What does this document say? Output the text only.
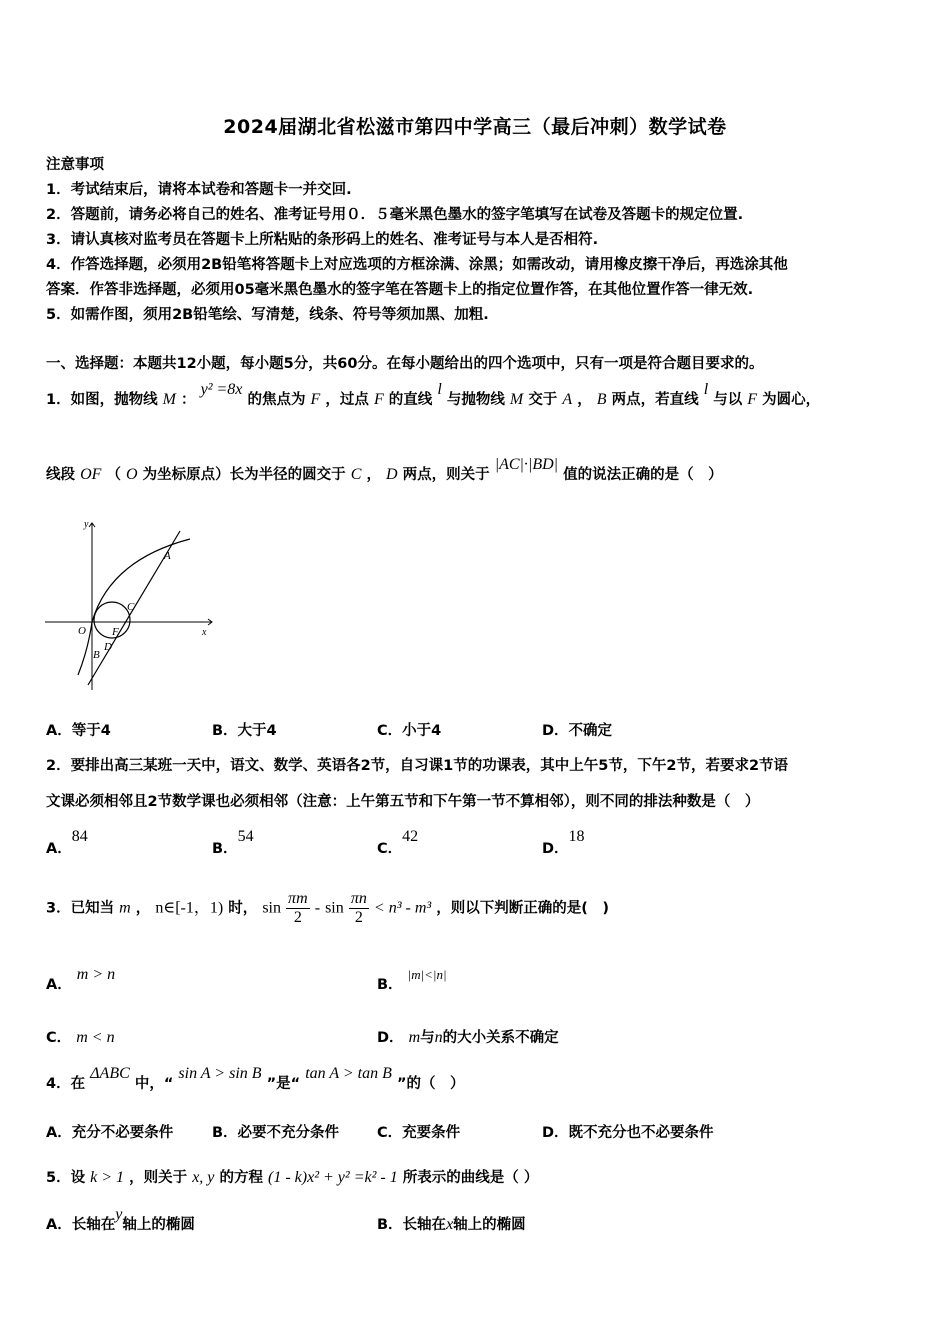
2024届湖北省松滋市第四中学高三（最后冲刺）数学试卷
注意事项
1．考试结束后，请将本试卷和答题卡一并交回.
2．答题前，请务必将自己的姓名、准考证号用０．５毫米黑色墨水的签字笔填写在试卷及答题卡的规定位置.
3．请认真核对监考员在答题卡上所粘贴的条形码上的姓名、准考证号与本人是否相符.
4．作答选择题，必须用2B铅笔将答题卡上对应选项的方框涂满、涂黑；如需改动，请用橡皮擦干净后，再选涂其他
答案．作答非选择题，必须用05毫米黑色墨水的签字笔在答题卡上的指定位置作答，在其他位置作答一律无效.
5．如需作图，须用2B铅笔绘、写清楚，线条、符号等须加黑、加粗.
一、选择题：本题共12小题，每小题5分，共60分。在每小题给出的四个选项中，只有一项是符合题目要求的。
1．如图，抛物线 M ： y² =8x 的焦点为 F ，过点 F 的直线 l 与抛物线 M 交于 A ， B 两点，若直线 l 与以 F 为圆心，
线段 OF （ O 为坐标原点）长为半径的圆交于 C ， D 两点，则关于 |AC|·|BD| 值的说法正确的是（　）
y
x
O F
A
B
C
D
A．等于4	B．大于4	C．小于4	D．不确定
2．要排出高三某班一天中，语文、数学、英语各2节，自习课1节的功课表，其中上午5节，下午2节，若要求2节语
文课必须相邻且2节数学课也必须相邻（注意：上午第五节和下午第一节不算相邻），则不同的排法种数是（　）
A．84
B．54
C．42
D．18
3．已知当 m ， n∈[-1，1) 时， $\sin \frac{\pi m}{2} - \sin \frac{\pi n}{2} < n^3 - m^3$ ，则以下判断正确的是(　)
A． m > n
B． |m|<|n|
C． m < n	D． m与n的大小关系不确定
4．在 ΔABC 中，“ sin A > sin B ”是“ tan A > tan B ”的（　）
A．充分不必要条件	B．必要不充分条件	C．充要条件	D．既不充分也不必要条件
5．设 k > 1 ，则关于 x, y 的方程 (1 - k)x² + y² =k² - 1 所表示的曲线是（ ）
A．长轴在y轴上的椭圆	B．长轴在x轴上的椭圆
